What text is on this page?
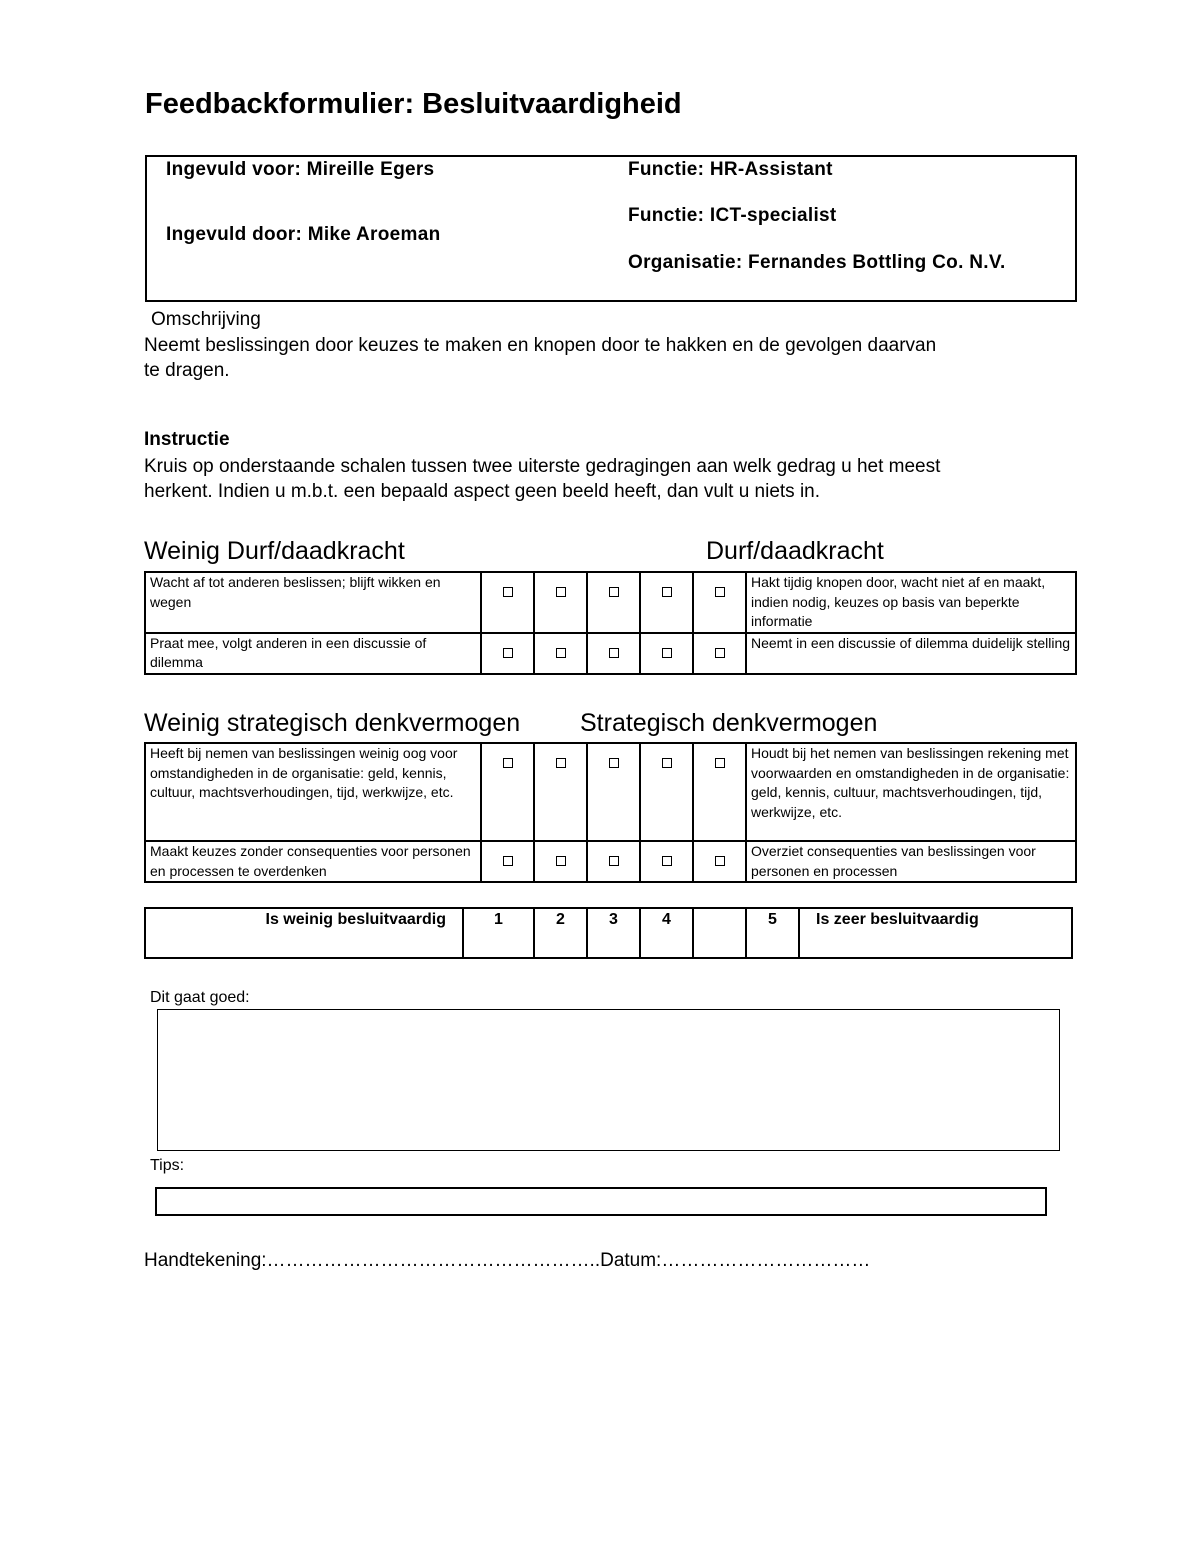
Feedbackformulier: Besluitvaardigheid
Ingevuld voor: Mireille Egers
Ingevuld door: Mike Aroeman
Functie: HR-Assistant
Functie: ICT-specialist
Organisatie: Fernandes Bottling Co. N.V.
Omschrijving
Neemt beslissingen door keuzes te maken en knopen door te hakken en de gevolgen daarvan
te dragen.
Instructie
Kruis op onderstaande schalen tussen twee uiterste gedragingen aan welk gedrag u het meest
herkent. Indien u m.b.t. een bepaald aspect geen beeld heeft, dan vult u niets in.
Weinig Durf/daadkracht	Durf/daadkracht
Wacht af tot anderen beslissen; blijft wikken en wegen						Hakt tijdig knopen door, wacht niet af en maakt, indien nodig, keuzes op basis van beperkte informatie
Praat mee, volgt anderen in een discussie of dilemma						Neemt in een discussie of dilemma duidelijk stelling
Weinig strategisch denkvermogen Strategisch denkvermogen
Heeft bij nemen van beslissingen weinig oog voor omstandigheden in de organisatie: geld, kennis, cultuur, machtsverhoudingen, tijd, werkwijze, etc.						Houdt bij het nemen van beslissingen rekening met voorwaarden en omstandigheden in de organisatie: geld, kennis, cultuur, machtsverhoudingen, tijd, werkwijze, etc.
Maakt keuzes zonder consequenties voor personen en processen te overdenken						Overziet consequenties van beslissingen voor personen en processen
Is weinig besluitvaardig	1	2	3	4		5	Is zeer besluitvaardig
Dit gaat goed:
Tips:
Handtekening:……………………………………………..Datum:……………………………
